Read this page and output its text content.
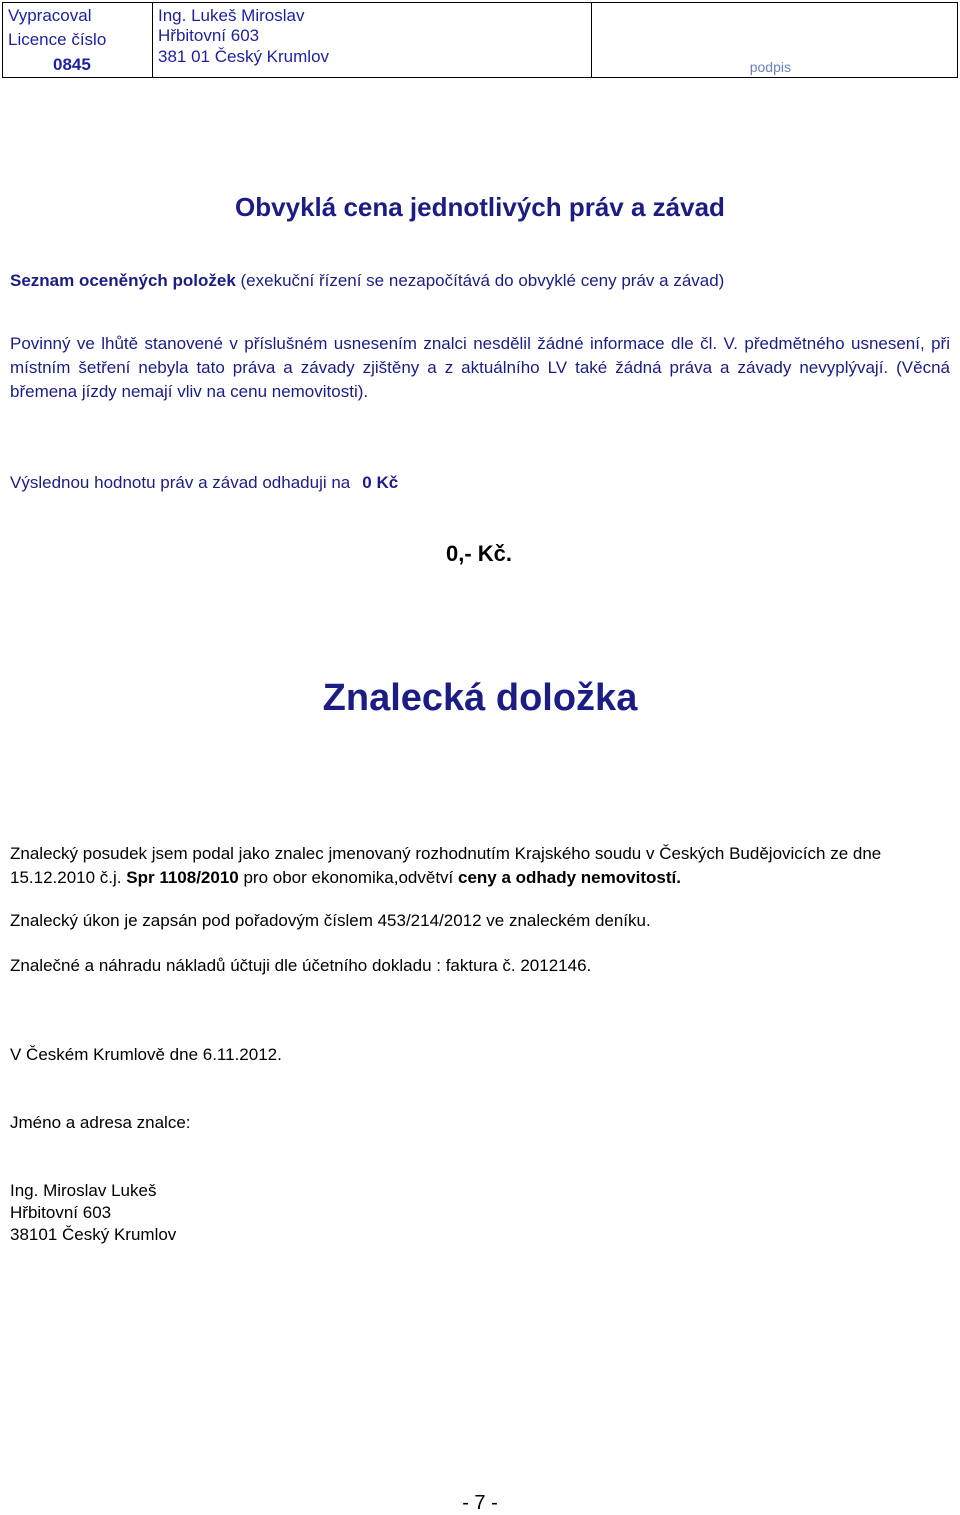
Vypracoval
Licence číslo
0845
Ing. Lukeš Miroslav
Hřbitovní 603
381 01 Český Krumlov
podpis
Obvyklá cena jednotlivých práv a závad
Seznam oceněných položek (exekuční řízení se nezapočítává do obvyklé ceny práv a závad)
Povinný ve lhůtě stanovené v příslušném usnesením znalci nesdělil žádné informace dle čl. V. předmětného usnesení, při místním šetření nebyla tato práva a závady zjištěny a z aktuálního LV také žádná práva a závady nevyplývají. (Věcná břemena jízdy nemají vliv na cenu nemovitosti).
Výslednou hodnotu práv a závad odhaduji na 0 Kč
0,- Kč.
Znalecká doložka
Znalecký posudek jsem podal jako znalec jmenovaný rozhodnutím Krajského soudu v Českých Budějovicích ze dne 15.12.2010 č.j. Spr 1108/2010 pro obor ekonomika,odvětví ceny a odhady nemovitostí.
Znalecký úkon je zapsán pod pořadovým číslem 453/214/2012 ve znaleckém deníku.
Znalečné a náhradu nákladů účtuji dle účetního dokladu : faktura č. 2012146.
V Českém Krumlově dne 6.11.2012.
Jméno a adresa znalce:
Ing. Miroslav Lukeš
Hřbitovní 603
38101 Český Krumlov
- 7 -
